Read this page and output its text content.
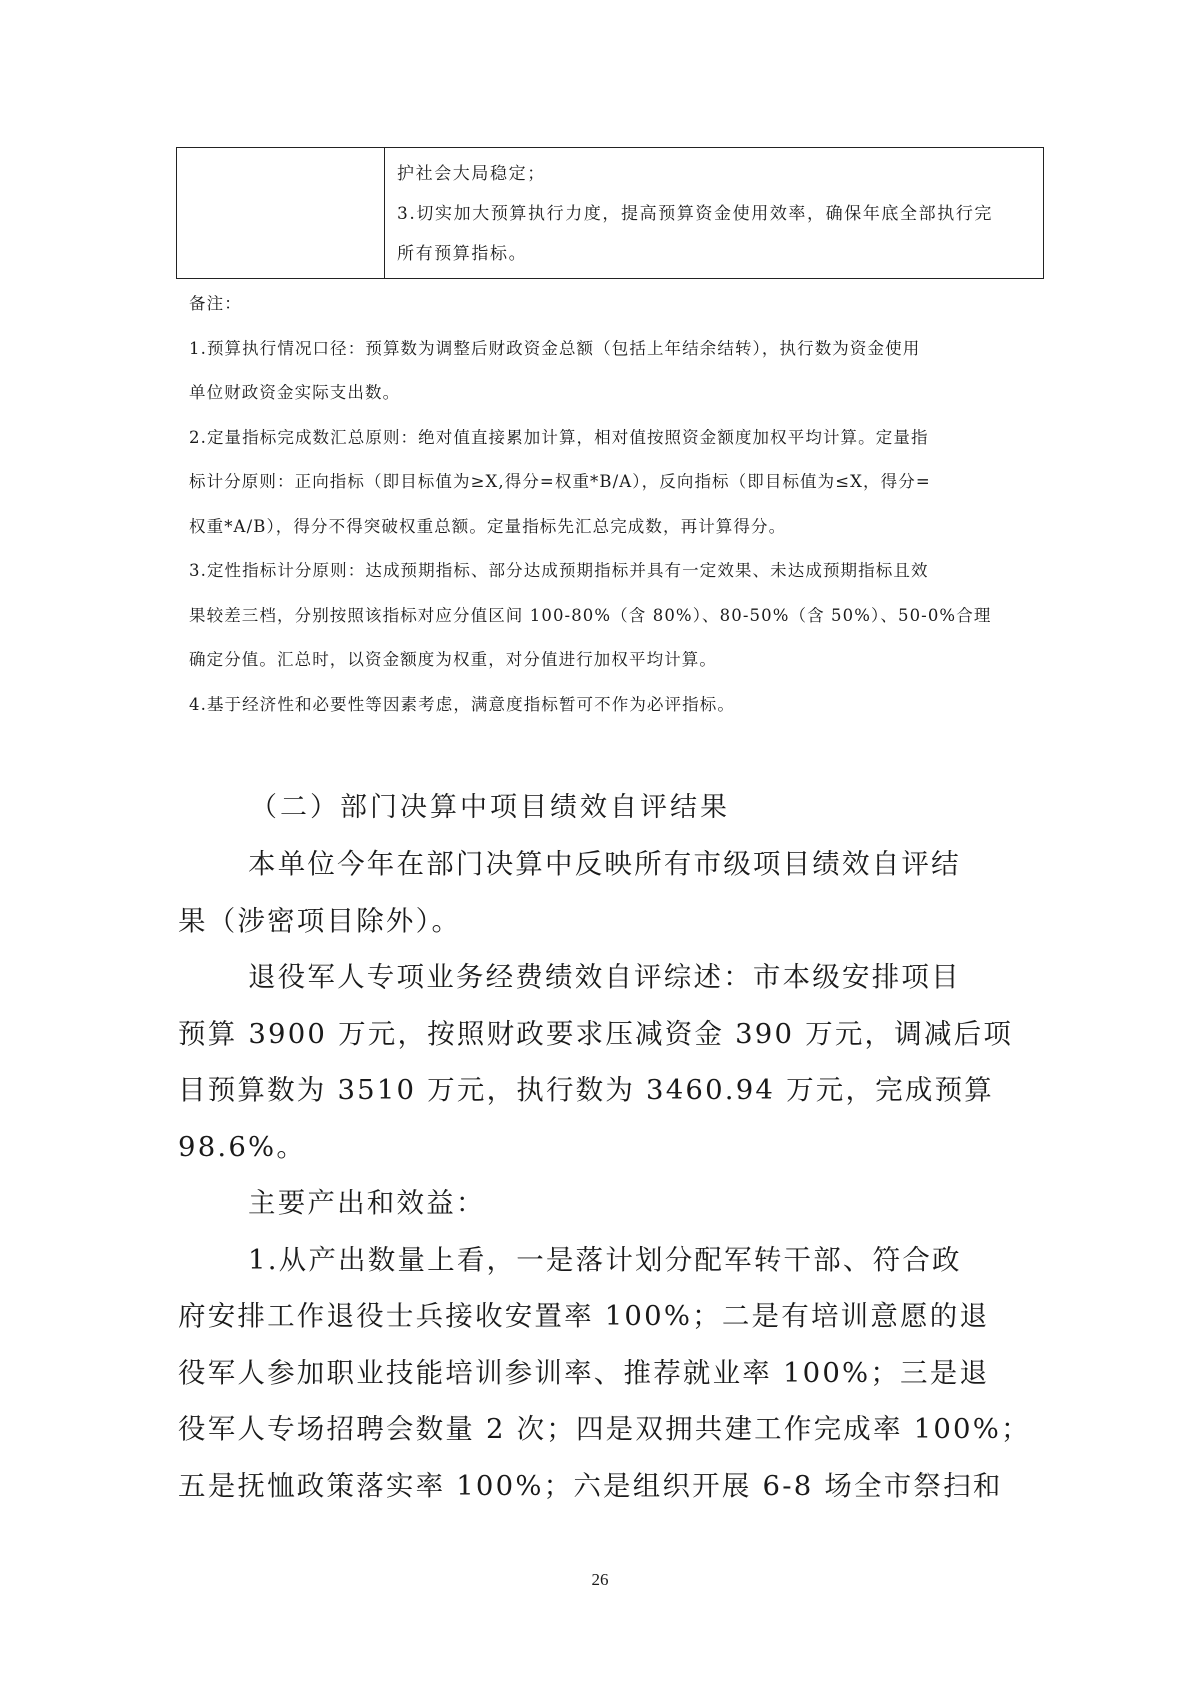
护社会大局稳定；
3.切实加大预算执行力度，提高预算资金使用效率，确保年底全部执行完
所有预算指标。
备注：
1.预算执行情况口径：预算数为调整后财政资金总额（包括上年结余结转），执行数为资金使用
单位财政资金实际支出数。
2.定量指标完成数汇总原则：绝对值直接累加计算，相对值按照资金额度加权平均计算。定量指
标计分原则：正向指标（即目标值为≥X,得分=权重*B/A），反向指标（即目标值为≤X，得分=
权重*A/B），得分不得突破权重总额。定量指标先汇总完成数，再计算得分。
3.定性指标计分原则：达成预期指标、部分达成预期指标并具有一定效果、未达成预期指标且效
果较差三档，分别按照该指标对应分值区间 100-80%（含 80%）、80-50%（含 50%）、50-0%合理
确定分值。汇总时，以资金额度为权重，对分值进行加权平均计算。
4.基于经济性和必要性等因素考虑，满意度指标暂可不作为必评指标。
（二）部门决算中项目绩效自评结果
本单位今年在部门决算中反映所有市级项目绩效自评结
果（涉密项目除外）。
退役军人专项业务经费绩效自评综述：市本级安排项目
预算 3900 万元，按照财政要求压减资金 390 万元，调减后项
目预算数为 3510 万元，执行数为 3460.94 万元，完成预算
98.6%。
主要产出和效益：
1.从产出数量上看，一是落计划分配军转干部、符合政
府安排工作退役士兵接收安置率 100%；二是有培训意愿的退
役军人参加职业技能培训参训率、推荐就业率 100%；三是退
役军人专场招聘会数量 2 次；四是双拥共建工作完成率 100%；
五是抚恤政策落实率 100%；六是组织开展 6-8 场全市祭扫和
26
